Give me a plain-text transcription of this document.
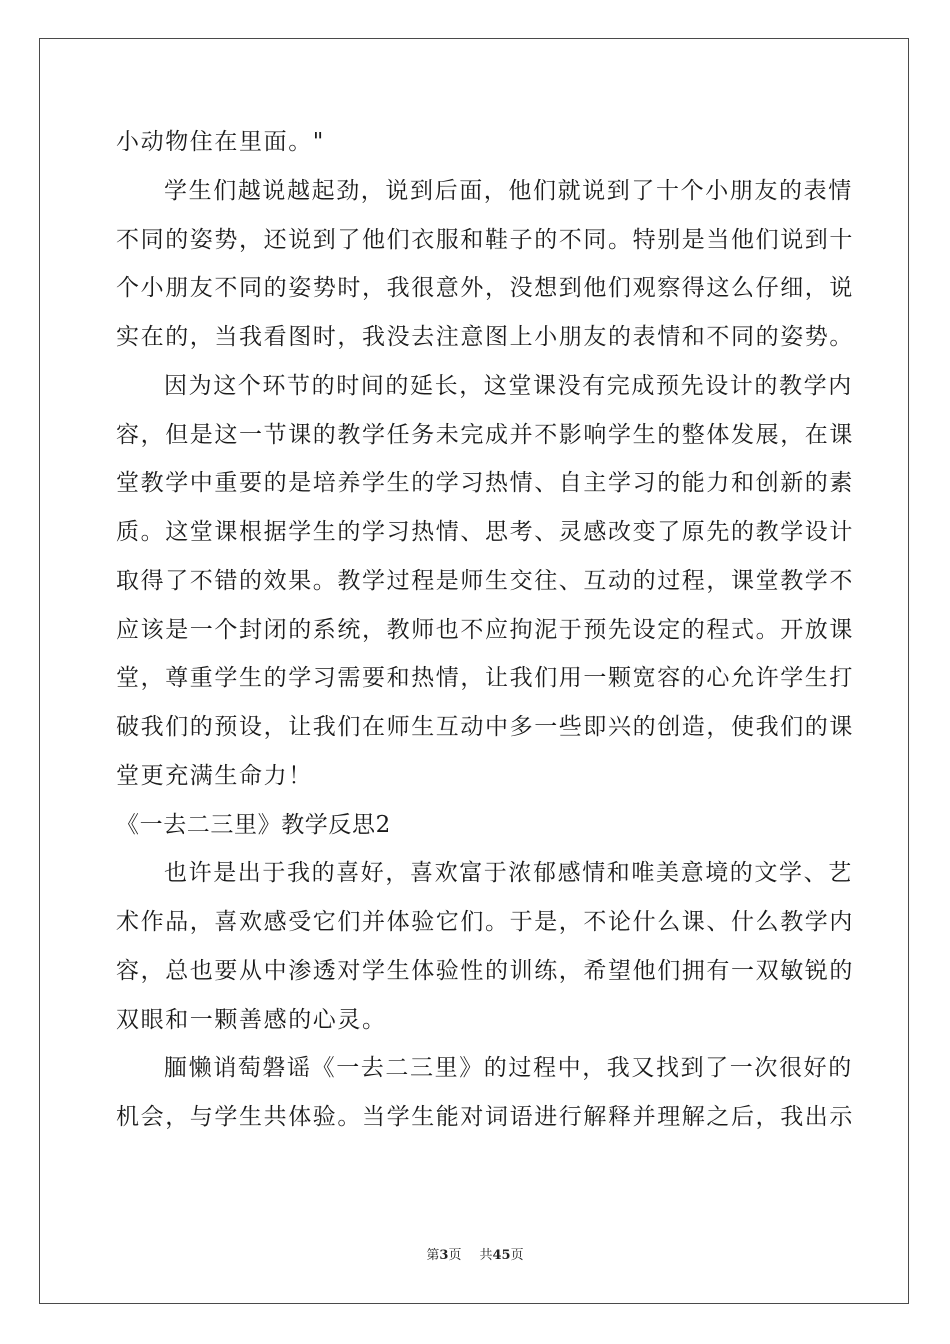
小动物住在里面。"
学生们越说越起劲，说到后面，他们就说到了十个小朋友的表情
不同的姿势，还说到了他们衣服和鞋子的不同。特别是当他们说到十
个小朋友不同的姿势时，我很意外，没想到他们观察得这么仔细，说
实在的，当我看图时，我没去注意图上小朋友的表情和不同的姿势。
因为这个环节的时间的延长，这堂课没有完成预先设计的教学内
容，但是这一节课的教学任务未完成并不影响学生的整体发展，在课
堂教学中重要的是培养学生的学习热情、自主学习的能力和创新的素
质。这堂课根据学生的学习热情、思考、灵感改变了原先的教学设计
取得了不错的效果。教学过程是师生交往、互动的过程，课堂教学不
应该是一个封闭的系统，教师也不应拘泥于预先设定的程式。开放课
堂，尊重学生的学习需要和热情，让我们用一颗宽容的心允许学生打
破我们的预设，让我们在师生互动中多一些即兴的创造，使我们的课
堂更充满生命力！
《一去二三里》教学反思2
也许是出于我的喜好，喜欢富于浓郁感情和唯美意境的文学、艺
术作品，喜欢感受它们并体验它们。于是，不论什么课、什么教学内
容，总也要从中渗透对学生体验性的训练，希望他们拥有一双敏锐的
双眼和一颗善感的心灵。
腼懒诮萄磐谣《一去二三里》的过程中，我又找到了一次很好的
机会，与学生共体验。当学生能对词语进行解释并理解之后，我出示
第3页 共45页
